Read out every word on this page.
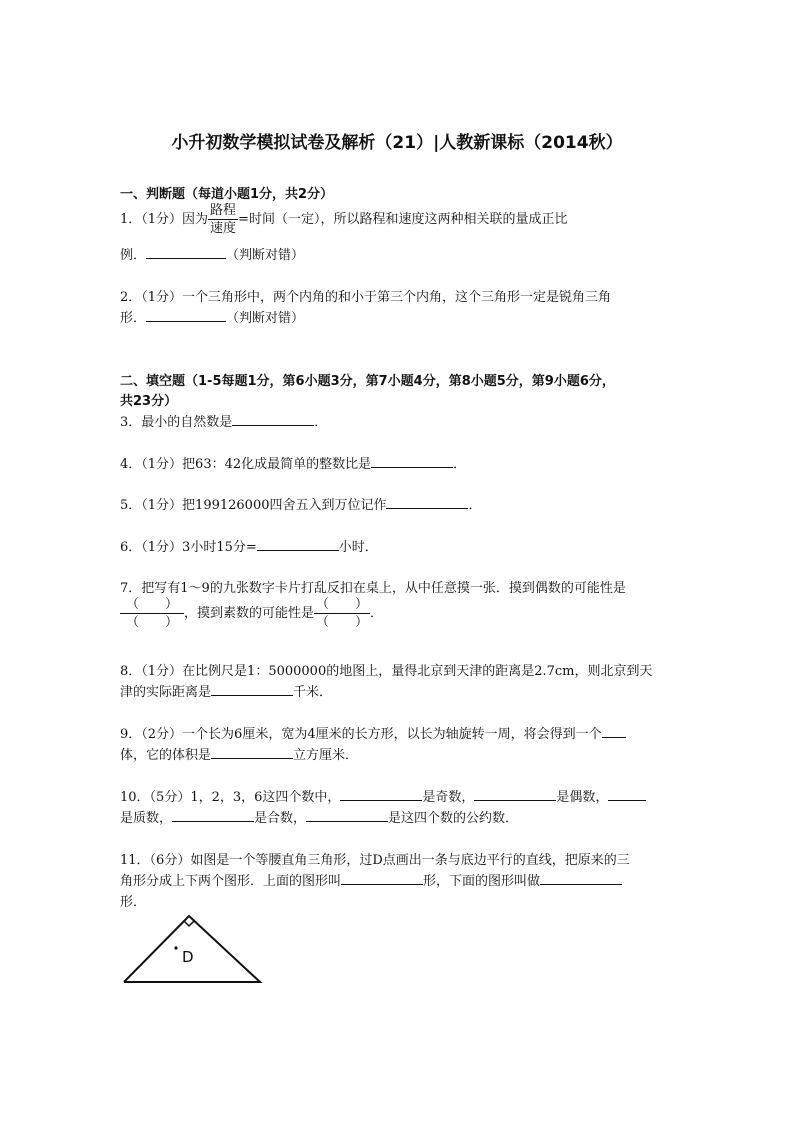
小升初数学模拟试卷及解析（21）|人教新课标（2014秋）
一、判断题（每道小题1分，共2分）
1．（1分）因为 $\frac{\text{路程}}{\text{速度}}$ =时间（一定），所以路程和速度这两种相关联的量成正比
例．	（判断对错）
2．（1分）一个三角形中，两个内角的和小于第三个内角，这个三角形一定是锐角三角
形．	（判断对错）
二、填空题（1-5每题1分，第6小题3分，第7小题4分，第8小题5分，第9小题6分，
共23分）
3．最小的自然数是	．
4．（1分）把63：42化成最简单的整数比是	．
5．（1分）把199126000四舍五入到万位记作	．
6．（1分）3小时15分=	小时．
7．把写有1～9的九张数字卡片打乱反扣在桌上，从中任意摸一张．摸到偶数的可能性是
$\frac{( )}{( )}$ ，摸到素数的可能性是 $\frac{( )}{( )}$ ．
8．（1分）在比例尺是1：5000000的地图上，量得北京到天津的距离是2.7cm，则北京到天
津的实际距离是	千米．
9．（2分）一个长为6厘米，宽为4厘米的长方形，以长为轴旋转一周，将会得到一个
体，它的体积是	立方厘米．
10．（5分）1，2，3，6这四个数中，	是奇数，	是偶数，
是质数，	是合数，	是这四个数的公约数．
11．（6分）如图是一个等腰直角三角形，过D点画出一条与底边平行的直线，把原来的三
角形分成上下两个图形．上面的图形叫	形，下面的图形叫做
形．
D
